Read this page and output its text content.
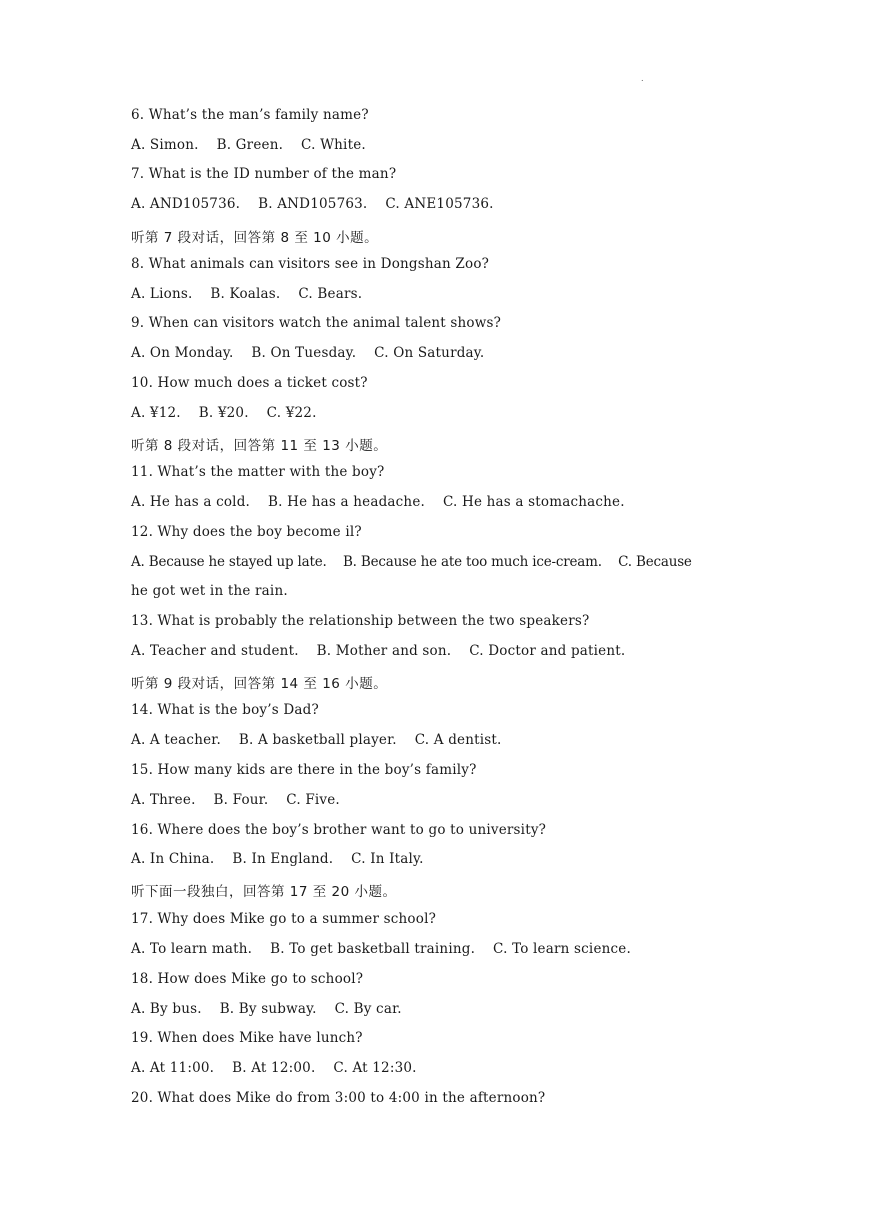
.
6. What’s the man’s family name?
A. Simon.    B. Green.    C. White.
7. What is the ID number of the man?
A. AND105736.    B. AND105763.    C. ANE105736.
听第 7 段对话，回答第 8 至 10 小题。
8. What animals can visitors see in Dongshan Zoo?
A. Lions.    B. Koalas.    C. Bears.
9. When can visitors watch the animal talent shows?
A. On Monday.    B. On Tuesday.    C. On Saturday.
10. How much does a ticket cost?
A. ¥12.    B. ¥20.    C. ¥22.
听第 8 段对话，回答第 11 至 13 小题。
11. What’s the matter with the boy?
A. He has a cold.    B. He has a headache.    C. He has a stomachache.
12. Why does the boy become il?
A. Because he stayed up late.    B. Because he ate too much ice-cream.    C. Because
he got wet in the rain.
13. What is probably the relationship between the two speakers?
A. Teacher and student.    B. Mother and son.    C. Doctor and patient.
听第 9 段对话，回答第 14 至 16 小题。
14. What is the boy’s Dad?
A. A teacher.    B. A basketball player.    C. A dentist.
15. How many kids are there in the boy’s family?
A. Three.    B. Four.    C. Five.
16. Where does the boy’s brother want to go to university?
A. In China.    B. In England.    C. In Italy.
听下面一段独白，回答第 17 至 20 小题。
17. Why does Mike go to a summer school?
A. To learn math.    B. To get basketball training.    C. To learn science.
18. How does Mike go to school?
A. By bus.    B. By subway.    C. By car.
19. When does Mike have lunch?
A. At 11:00.    B. At 12:00.    C. At 12:30.
20. What does Mike do from 3:00 to 4:00 in the afternoon?
